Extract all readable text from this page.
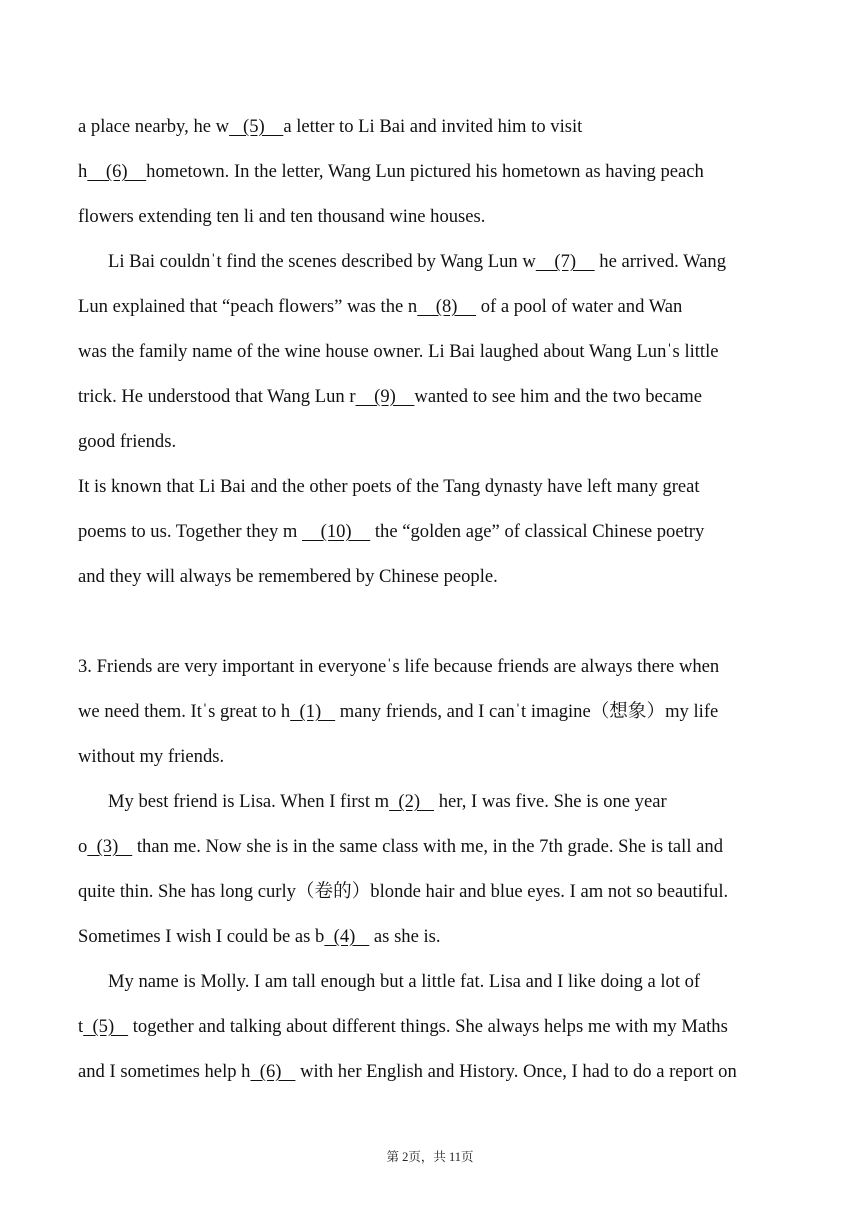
a place nearby, he w   (5)    a letter to Li Bai and invited him to visit
h    (6)    hometown. In the letter, Wang Lun pictured his hometown as having peach
flowers extending ten li and ten thousand wine houses.
Li Bai couldnˈt find the scenes described by Wang Lun w    (7)     he arrived. Wang
Lun explained that “peach flowers” was the n    (8)     of a pool of water and Wan
was the family name of the wine house owner. Li Bai laughed about Wang Lunˈs little
trick. He understood that Wang Lun r    (9)    wanted to see him and the two became
good friends.
It is known that Li Bai and the other poets of the Tang dynasty have left many great
poems to us. Together they m     (10)     the “golden age” of classical Chinese poetry
and they will always be remembered by Chinese people.
3. Friends are very important in everyoneˈs life because friends are always there when
we need them. Itˈs great to h  (1)    many friends, and I canˈt imagine（想象）my life
without my friends.
My best friend is Lisa. When I first m  (2)    her, I was five. She is one year
o  (3)    than me. Now she is in the same class with me, in the 7th grade. She is tall and
quite thin. She has long curly（卷的）blonde hair and blue eyes. I am not so beautiful.
Sometimes I wish I could be as b  (4)    as she is.
My name is Molly. I am tall enough but a little fat. Lisa and I like doing a lot of
t  (5)    together and talking about different things. She always helps me with my Maths
and I sometimes help h  (6)    with her English and History. Once, I had to do a report on
第 2页，共 11页
